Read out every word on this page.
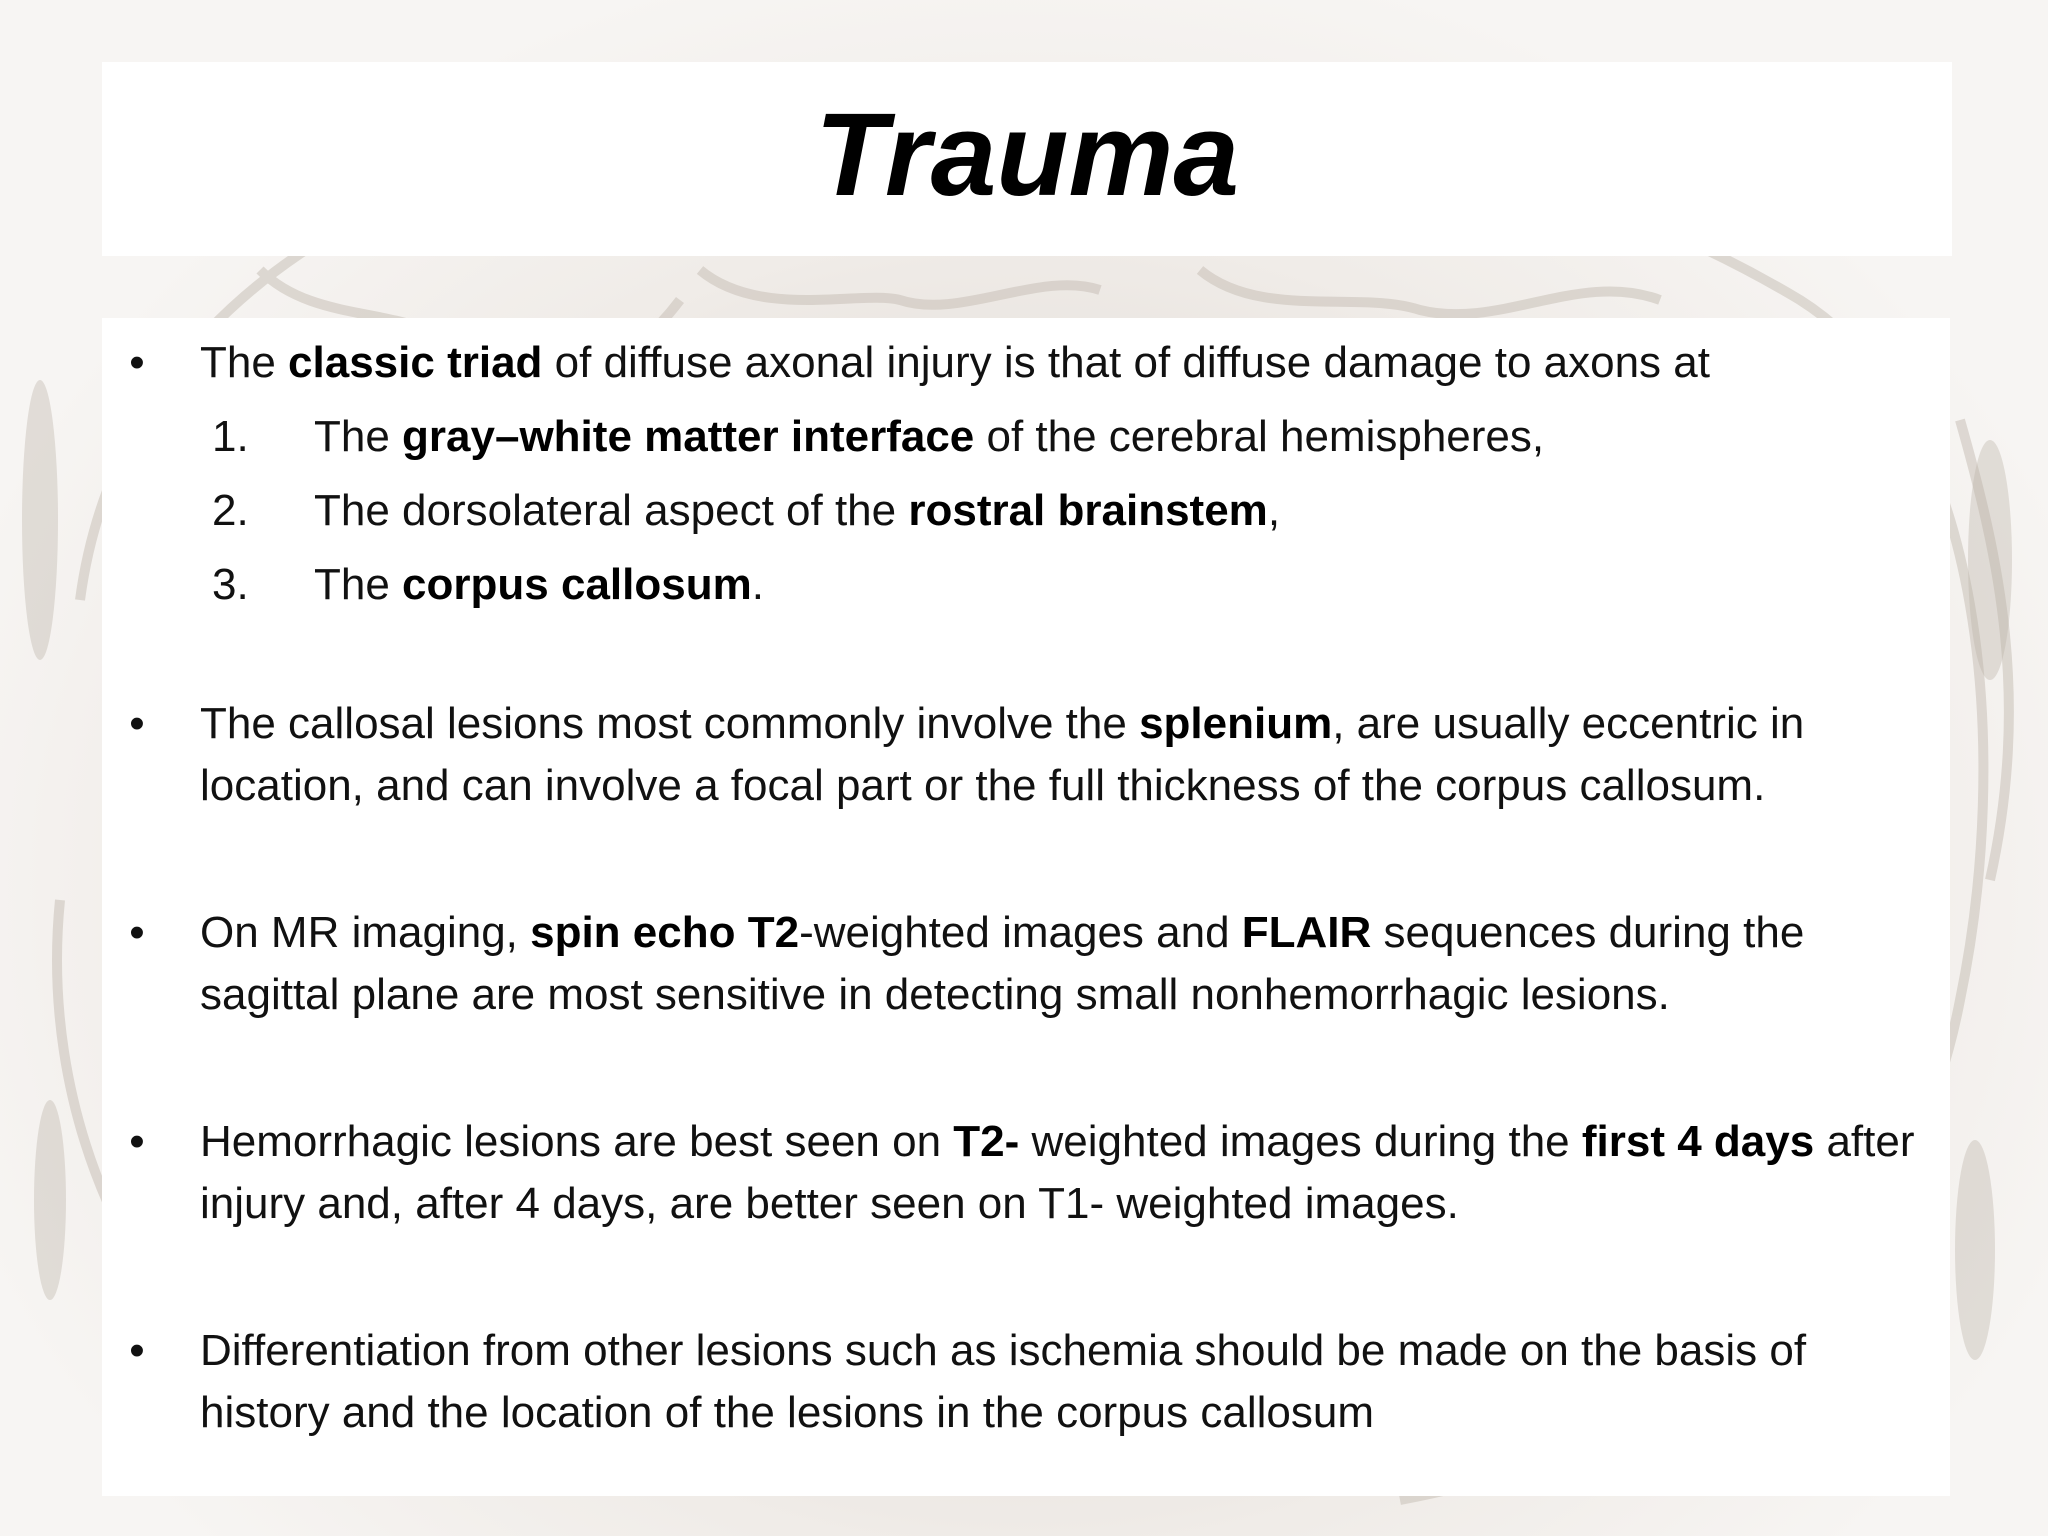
Trauma
• The classic triad of diffuse axonal injury is that of diffuse damage to axons at
1. The gray–white matter interface of the cerebral hemispheres,
2. The dorsolateral aspect of the rostral brainstem,
3. The corpus callosum.
• The callosal lesions most commonly involve the splenium, are usually eccentric in location, and can involve a focal part or the full thickness of the corpus callosum.
• On MR imaging, spin echo T2-weighted images and FLAIR sequences during the sagittal plane are most sensitive in detecting small nonhemorrhagic lesions.
• Hemorrhagic lesions are best seen on T2- weighted images during the first 4 days after injury and, after 4 days, are better seen on T1- weighted images.
• Differentiation from other lesions such as ischemia should be made on the basis of history and the location of the lesions in the corpus callosum
